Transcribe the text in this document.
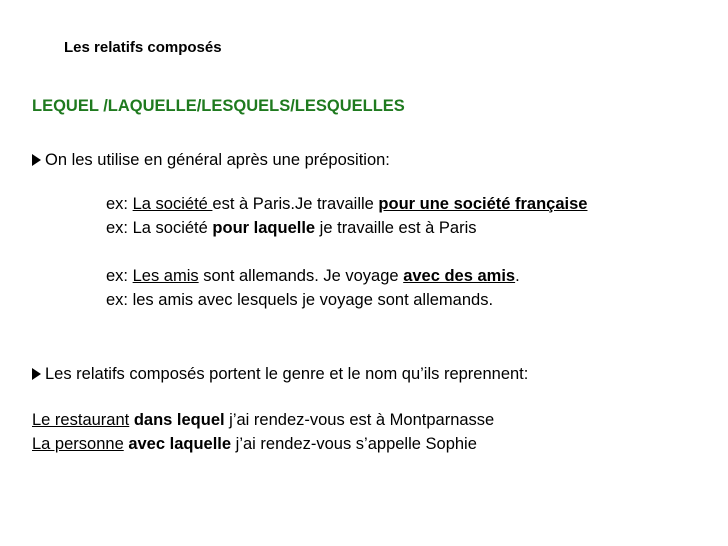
Les relatifs composés
LEQUEL /LAQUELLE/LESQUELS/LESQUELLES
On les utilise en général après une préposition:
ex: La société est à Paris.Je travaille pour une société française
ex: La société pour laquelle je travaille est à Paris
ex: Les amis sont allemands. Je voyage avec des amis.
ex: les amis avec lesquels je voyage sont allemands.
Les relatifs composés portent le genre et le nom qu’ils reprennent:
Le restaurant dans lequel j’ai rendez-vous est à Montparnasse
La personne avec laquelle j’ai rendez-vous s’appelle Sophie
